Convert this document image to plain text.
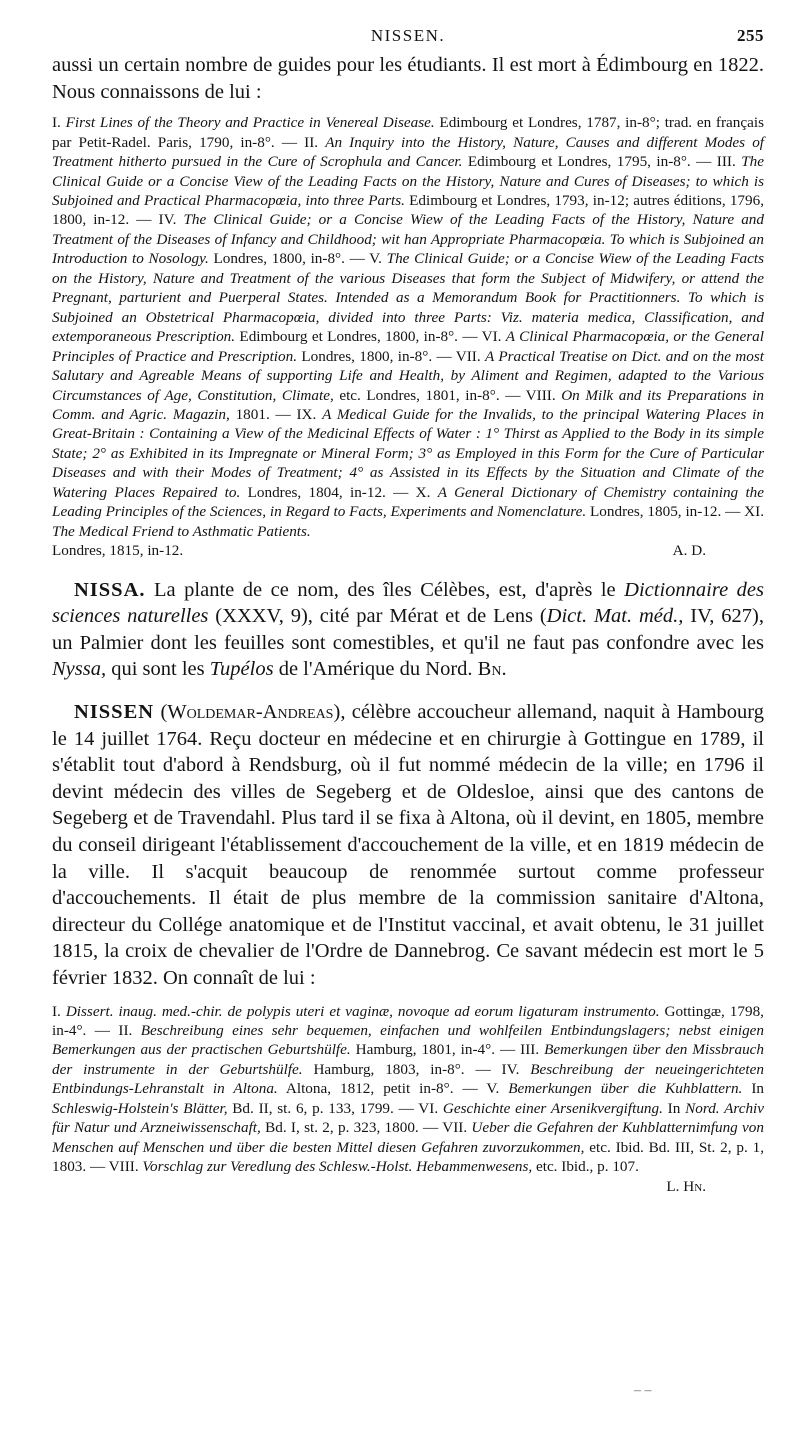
NISSEN.	255

aussi un certain nombre de guides pour les étudiants. Il est mort à Édimbourg en 1822. Nous connaissons de lui :

I. First Lines of the Theory and Practice in Venereal Disease. Edimbourg et Londres, 1787, in-8°; trad. en français par Petit-Radel. Paris, 1790, in-8°. — II. An Inquiry into the History, Nature, Causes and different Modes of Treatment hitherto pursued in the Cure of Scrophula and Cancer. Edimbourg et Londres, 1795, in-8°. — III. The Clinical Guide or a Concise View of the Leading Facts on the History, Nature and Cures of Diseases; to which is Subjoined and Practical Pharmacopœia, into three Parts. Edimbourg et Londres, 1793, in-12; autres éditions, 1796, 1800, in-12. — IV. The Clinical Guide; or a Concise Wiew of the Leading Facts of the History, Nature and Treatment of the Diseases of Infancy and Childhood; wit han Appropriate Pharmacopœia. To which is Subjoined an Introduction to Nosology. Londres, 1800, in-8°. — V. The Clinical Guide; or a Concise Wiew of the Leading Facts on the History, Nature and Treatment of the various Diseases that form the Subject of Midwifery, or attend the Pregnant, parturient and Puerperal States. Intended as a Memorandum Book for Practitionners. To which is Subjoined an Obstetrical Pharmacopœia, divided into three Parts: Viz. materia medica, Classification, and extemporaneous Prescription. Edimbourg et Londres, 1800, in-8°. — VI. A Clinical Pharmacopœia, or the General Principles of Practice and Prescription. Londres, 1800, in-8°. — VII. A Practical Treatise on Dict. and on the most Salutary and Agreable Means of supporting Life and Health, by Aliment and Regimen, adapted to the Various Circumstances of Age, Constitution, Climate, etc. Londres, 1801, in-8°. — VIII. On Milk and its Preparations in Comm. and Agric. Magazin, 1801. — IX. A Medical Guide for the Invalids, to the principal Watering Places in Great-Britain : Containing a View of the Medicinal Effects of Water : 1° Thirst as Applied to the Body in its simple State; 2° as Exhibited in its Impregnate or Mineral Form; 3° as Employed in this Form for the Cure of Particular Diseases and with their Modes of Treatment; 4° as Assisted in its Effects by the Situation and Climate of the Watering Places Repaired to. Londres, 1804, in-12. — X. A General Dictionary of Chemistry containing the Leading Principles of the Sciences, in Regard to Facts, Experiments and Nomenclature. Londres, 1805, in-12. — XI. The Medical Friend to Asthmatic Patients.
Londres, 1815, in-12.	A. D.

NISSA. La plante de ce nom, des îles Célèbes, est, d'après le Dictionnaire des sciences naturelles (XXXV, 9), cité par Mérat et de Lens (Dict. Mat. méd., IV, 627), un Palmier dont les feuilles sont comestibles, et qu'il ne faut pas confondre avec les Nyssa, qui sont les Tupélos de l'Amérique du Nord. Bn.

NISSEN (Woldemar-Andreas), célèbre accoucheur allemand, naquit à Hambourg le 14 juillet 1764. Reçu docteur en médecine et en chirurgie à Gottingue en 1789, il s'établit tout d'abord à Rendsburg, où il fut nommé médecin de la ville; en 1796 il devint médecin des villes de Segeberg et de Oldesloe, ainsi que des cantons de Segeberg et de Travendahl. Plus tard il se fixa à Altona, où il devint, en 1805, membre du conseil dirigeant l'établissement d'accouchement de la ville, et en 1819 médecin de la ville. Il s'acquit beaucoup de renommée surtout comme professeur d'accouchements. Il était de plus membre de la commission sanitaire d'Altona, directeur du Collége anatomique et de l'Institut vaccinal, et avait obtenu, le 31 juillet 1815, la croix de chevalier de l'Ordre de Dannebrog. Ce savant médecin est mort le 5 février 1832. On connaît de lui :

I. Dissert. inaug. med.-chir. de polypis uteri et vaginæ, novoque ad eorum ligaturam instrumento. Gottingæ, 1798, in-4°. — II. Beschreibung eines sehr bequemen, einfachen und wohlfeilen Entbindungslagers; nebst einigen Bemerkungen aus der practischen Geburtshülfe. Hamburg, 1801, in-4°. — III. Bemerkungen über den Missbrauch der instrumente in der Geburtshülfe. Hamburg, 1803, in-8°. — IV. Beschreibung der neueingerichteten Entbindungs-Lehranstalt in Altona. Altona, 1812, petit in-8°. — V. Bemerkungen über die Kuhblattern. In Schleswig-Holstein's Blätter, Bd. II, st. 6, p. 133, 1799. — VI. Geschichte einer Arsenikvergiftung. In Nord. Archiv für Natur und Arzneiwissenschaft, Bd. I, st. 2, p. 323, 1800. — VII. Ueber die Gefahren der Kuhblatternimfung von Menschen auf Menschen und über die besten Mittel diesen Gefahren zuvorzukommen, etc. Ibid. Bd. III, St. 2, p. 1, 1803. — VIII. Vorschlag zur Veredlung des Schlesw.-Holst. Hebammenwesens, etc. Ibid., p. 107.
L. Hn.
– –
